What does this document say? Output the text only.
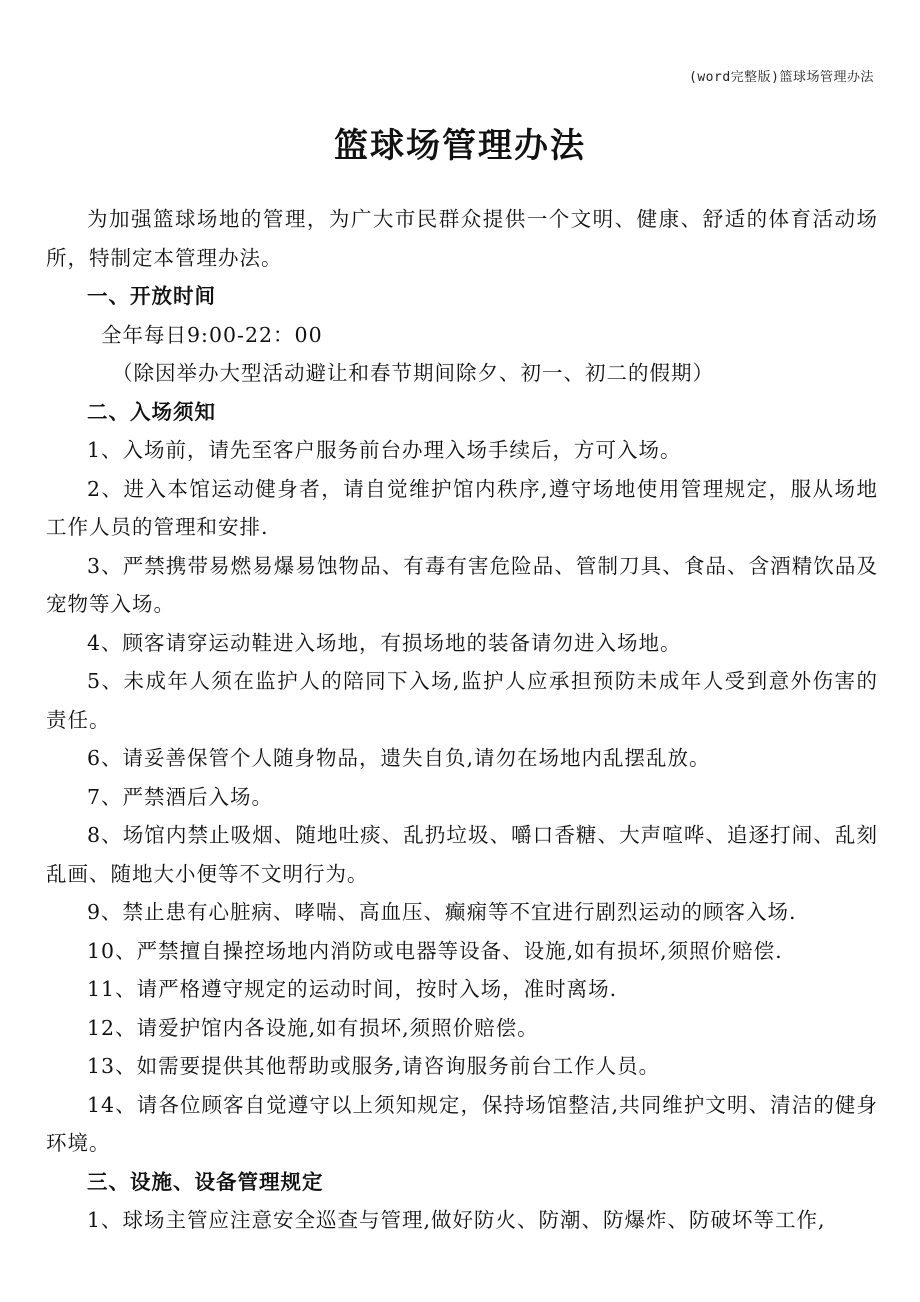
(word完整版)篮球场管理办法
篮球场管理办法

为加强篮球场地的管理，为广大市民群众提供一个文明、健康、舒适的体育活动场所，特制定本管理办法。

一、开放时间

全年每日9:00-22：00

（除因举办大型活动避让和春节期间除夕、初一、初二的假期）

二、入场须知

1、入场前，请先至客户服务前台办理入场手续后，方可入场。

2、进入本馆运动健身者，请自觉维护馆内秩序,遵守场地使用管理规定，服从场地工作人员的管理和安排.

3、严禁携带易燃易爆易蚀物品、有毒有害危险品、管制刀具、食品、含酒精饮品及宠物等入场。

4、顾客请穿运动鞋进入场地，有损场地的装备请勿进入场地。

5、未成年人须在监护人的陪同下入场,监护人应承担预防未成年人受到意外伤害的责任。

6、请妥善保管个人随身物品，遗失自负,请勿在场地内乱摆乱放。

7、严禁酒后入场。

8、场馆内禁止吸烟、随地吐痰、乱扔垃圾、嚼口香糖、大声喧哗、追逐打闹、乱刻乱画、随地大小便等不文明行为。

9、禁止患有心脏病、哮喘、高血压、癫痫等不宜进行剧烈运动的顾客入场.

10、严禁擅自操控场地内消防或电器等设备、设施,如有损坏,须照价赔偿.

11、请严格遵守规定的运动时间，按时入场，准时离场.

12、请爱护馆内各设施,如有损坏,须照价赔偿。

13、如需要提供其他帮助或服务,请咨询服务前台工作人员。

14、请各位顾客自觉遵守以上须知规定，保持场馆整洁,共同维护文明、清洁的健身环境。

三、设施、设备管理规定

1、球场主管应注意安全巡查与管理,做好防火、防潮、防爆炸、防破坏等工作,
